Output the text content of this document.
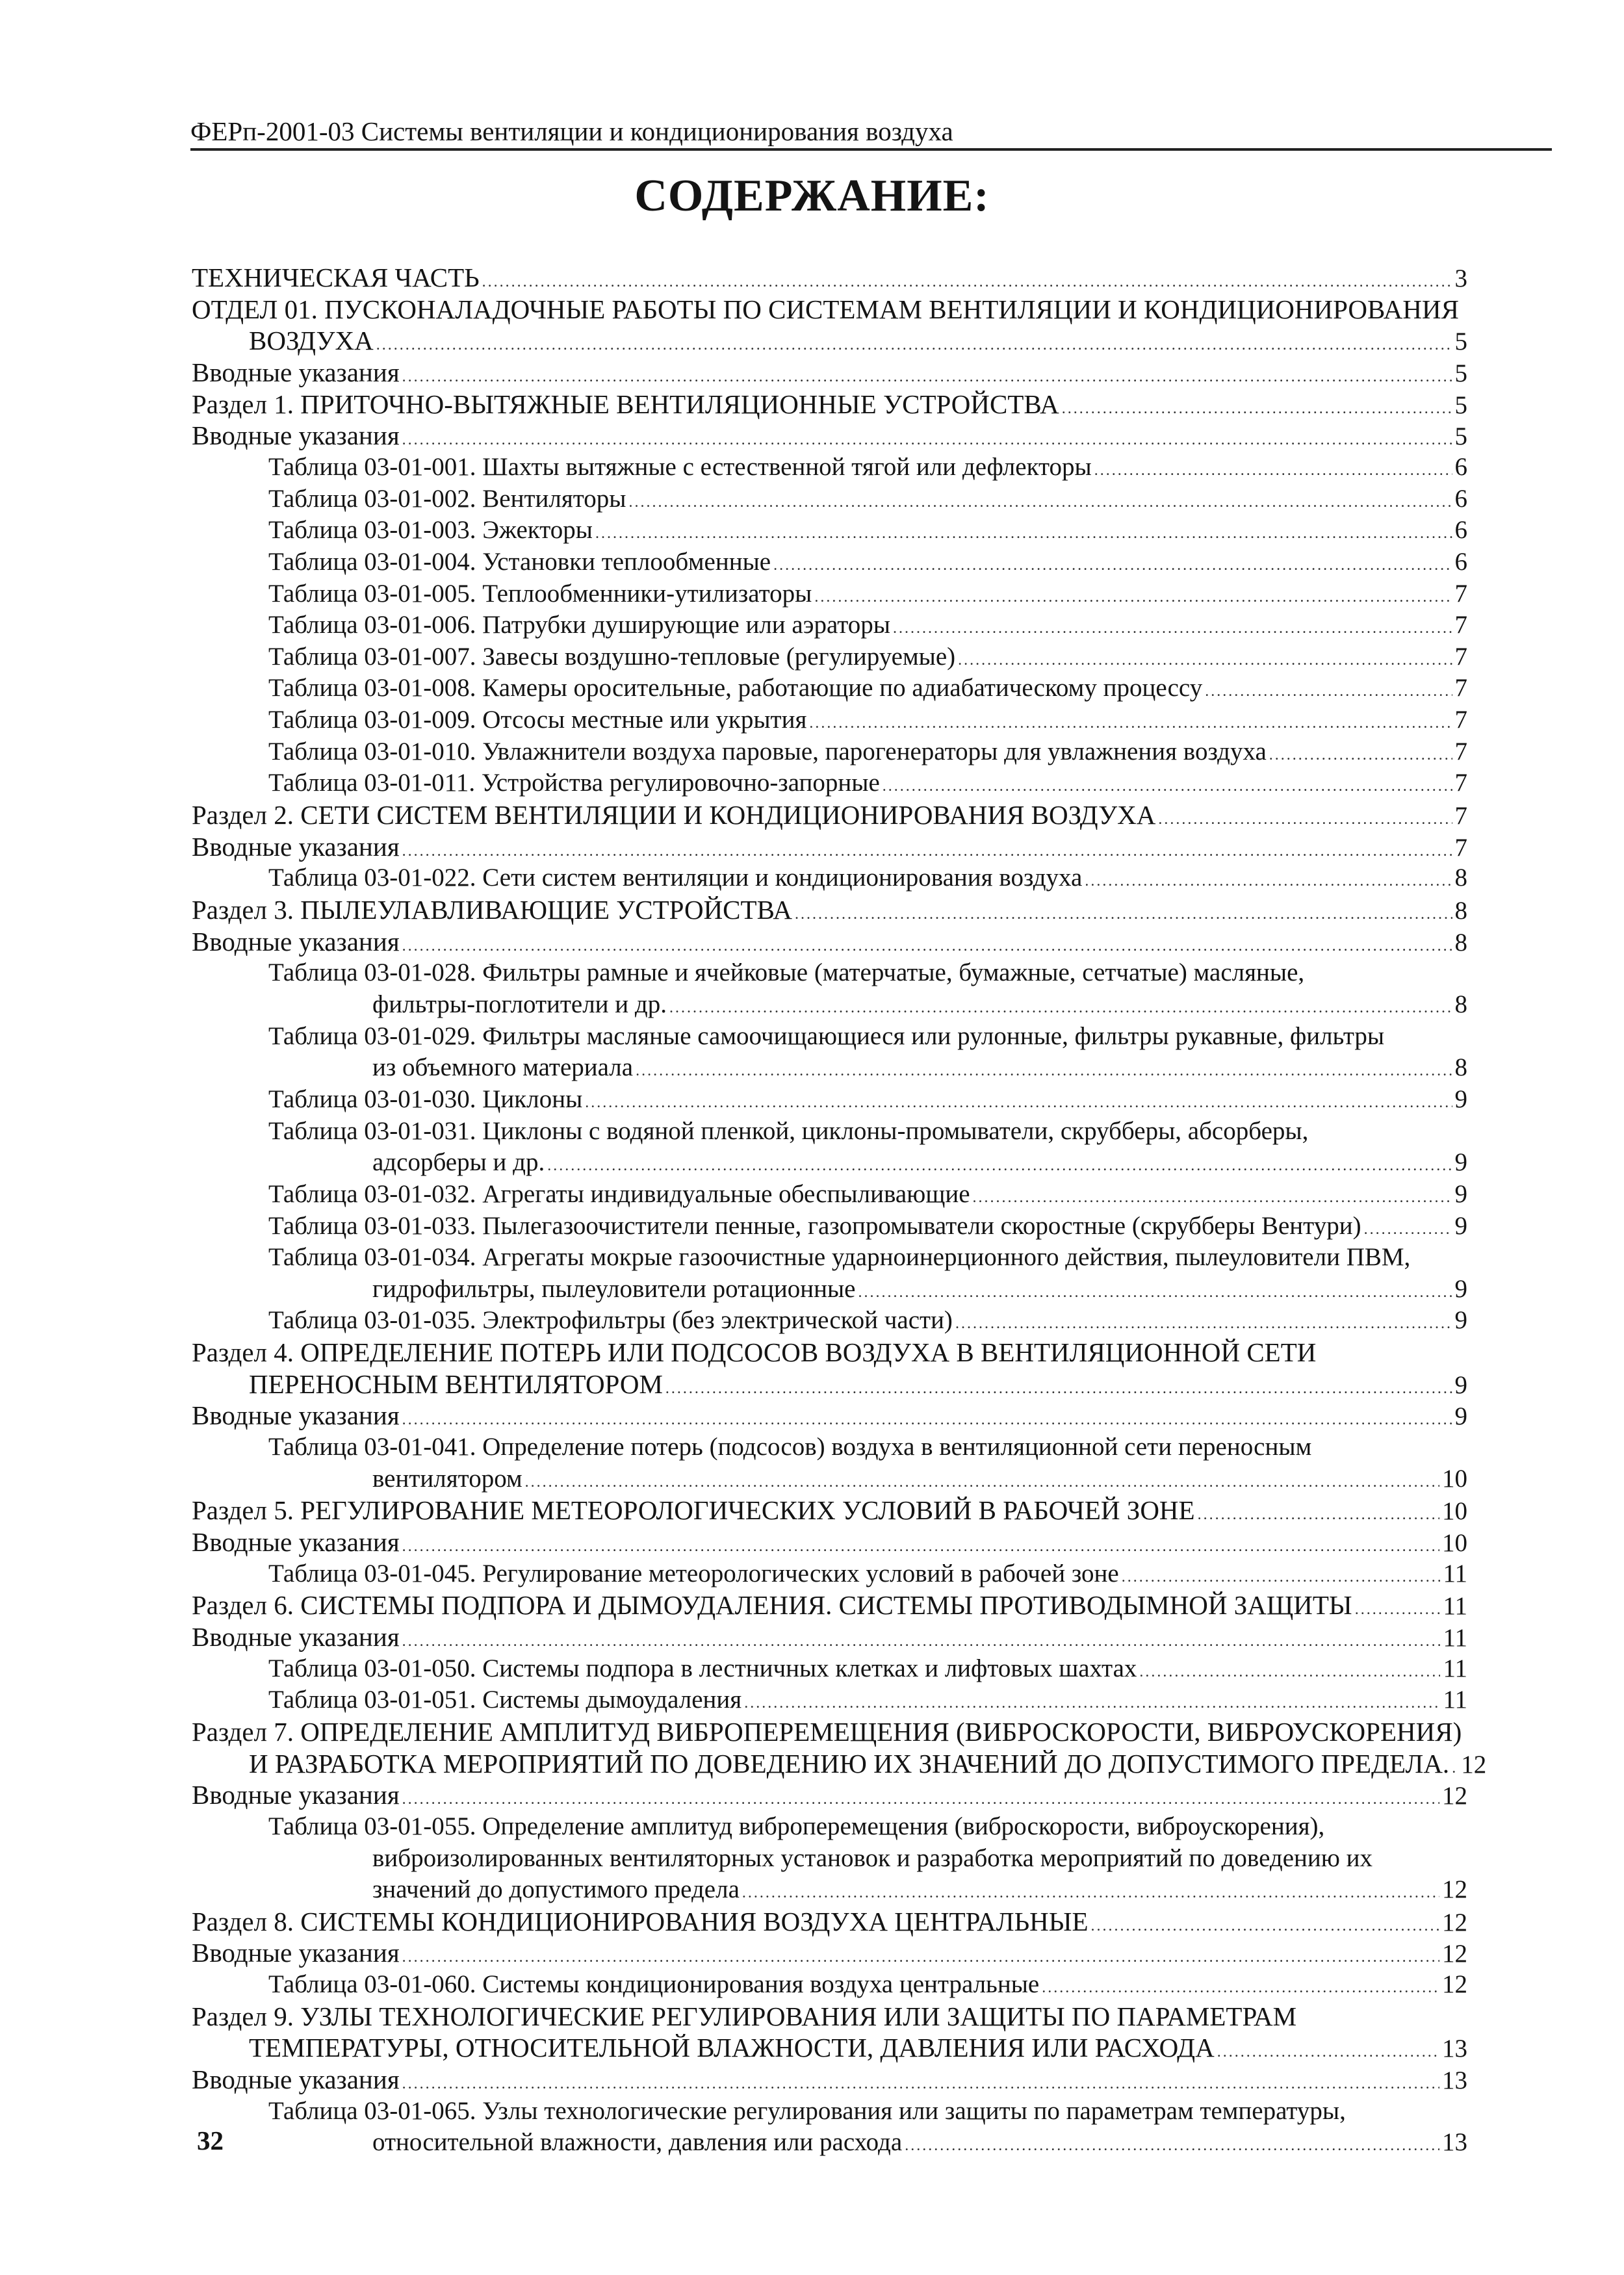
ФЕРп-2001-03 Системы вентиляции и кондиционирования воздуха
СОДЕРЖАНИЕ:
ТЕХНИЧЕСКАЯ ЧАСТЬ .....	3
ОТДЕЛ 01. ПУСКОНАЛАДОЧНЫЕ РАБОТЫ ПО СИСТЕМАМ ВЕНТИЛЯЦИИ И КОНДИЦИОНИРОВАНИЯ
ВОЗДУХА .....	5
Вводные указания .....	5
Раздел 1. ПРИТОЧНО-ВЫТЯЖНЫЕ ВЕНТИЛЯЦИОННЫЕ УСТРОЙСТВА .....	5
Вводные указания .....	5
Таблица 03-01-001. Шахты вытяжные с естественной тягой или дефлекторы .....	6
Таблица 03-01-002. Вентиляторы .....	6
Таблица 03-01-003. Эжекторы .....	6
Таблица 03-01-004. Установки теплообменные .....	6
Таблица 03-01-005. Теплообменники-утилизаторы .....	7
Таблица 03-01-006. Патрубки душирующие или аэраторы .....	7
Таблица 03-01-007. Завесы воздушно-тепловые (регулируемые) .....	7
Таблица 03-01-008. Камеры оросительные, работающие по адиабатическому процессу .....	7
Таблица 03-01-009. Отсосы местные или укрытия .....	7
Таблица 03-01-010. Увлажнители воздуха паровые, парогенераторы для увлажнения воздуха .....	7
Таблица 03-01-011. Устройства регулировочно-запорные .....	7
Раздел 2. СЕТИ СИСТЕМ ВЕНТИЛЯЦИИ И КОНДИЦИОНИРОВАНИЯ ВОЗДУХА .....	7
Вводные указания .....	7
Таблица 03-01-022. Сети систем вентиляции и кондиционирования воздуха .....	8
Раздел 3. ПЫЛЕУЛАВЛИВАЮЩИЕ УСТРОЙСТВА .....	8
Вводные указания .....	8
Таблица 03-01-028. Фильтры рамные и ячейковые (матерчатые, бумажные, сетчатые) масляные,
фильтры-поглотители и др. .....	8
Таблица 03-01-029. Фильтры масляные самоочищающиеся или рулонные, фильтры рукавные, фильтры
из объемного материала .....	8
Таблица 03-01-030. Циклоны .....	9
Таблица 03-01-031. Циклоны с водяной пленкой, циклоны-промыватели, скрубберы, абсорберы,
адсорберы и др. .....	9
Таблица 03-01-032. Агрегаты индивидуальные обеспыливающие .....	9
Таблица 03-01-033. Пылегазоочистители пенные, газопромыватели скоростные (скрубберы Вентури) .....	9
Таблица 03-01-034. Агрегаты мокрые газоочистные ударноинерционного действия, пылеуловители ПВМ,
гидрофильтры, пылеуловители ротационные .....	9
Таблица 03-01-035. Электрофильтры (без электрической части) .....	9
Раздел 4. ОПРЕДЕЛЕНИЕ ПОТЕРЬ ИЛИ ПОДСОСОВ ВОЗДУХА В ВЕНТИЛЯЦИОННОЙ СЕТИ
ПЕРЕНОСНЫМ ВЕНТИЛЯТОРОМ .....	9
Вводные указания .....	9
Таблица 03-01-041. Определение потерь (подсосов) воздуха в вентиляционной сети переносным
вентилятором .....	10
Раздел 5. РЕГУЛИРОВАНИЕ МЕТЕОРОЛОГИЧЕСКИХ УСЛОВИЙ В РАБОЧЕЙ ЗОНЕ .....	10
Вводные указания .....	10
Таблица 03-01-045. Регулирование метеорологических условий в рабочей зоне .....	11
Раздел 6. СИСТЕМЫ ПОДПОРА И ДЫМОУДАЛЕНИЯ. СИСТЕМЫ ПРОТИВОДЫМНОЙ ЗАЩИТЫ .....	11
Вводные указания .....	11
Таблица 03-01-050. Системы подпора в лестничных клетках и лифтовых шахтах .....	11
Таблица 03-01-051. Системы дымоудаления .....	11
Раздел 7. ОПРЕДЕЛЕНИЕ АМПЛИТУД ВИБРОПЕРЕМЕЩЕНИЯ (ВИБРОСКОРОСТИ, ВИБРОУСКОРЕНИЯ)
И РАЗРАБОТКА МЕРОПРИЯТИЙ ПО ДОВЕДЕНИЮ ИХ ЗНАЧЕНИЙ ДО ДОПУСТИМОГО ПРЕДЕЛА. ..... 12
Вводные указания .....	12
Таблица 03-01-055. Определение амплитуд виброперемещения (виброскорости, виброускорения),
виброизолированных вентиляторных установок и разработка мероприятий по доведению их
значений до допустимого предела .....	12
Раздел 8. СИСТЕМЫ КОНДИЦИОНИРОВАНИЯ ВОЗДУХА ЦЕНТРАЛЬНЫЕ .....	12
Вводные указания .....	12
Таблица 03-01-060. Системы кондиционирования воздуха центральные .....	12
Раздел 9. УЗЛЫ ТЕХНОЛОГИЧЕСКИЕ РЕГУЛИРОВАНИЯ ИЛИ ЗАЩИТЫ ПО ПАРАМЕТРАМ
ТЕМПЕРАТУРЫ, ОТНОСИТЕЛЬНОЙ ВЛАЖНОСТИ, ДАВЛЕНИЯ ИЛИ РАСХОДА .....	13
Вводные указания .....	13
Таблица 03-01-065. Узлы технологические регулирования или защиты по параметрам температуры,
относительной влажности, давления или расхода .....	13
32
